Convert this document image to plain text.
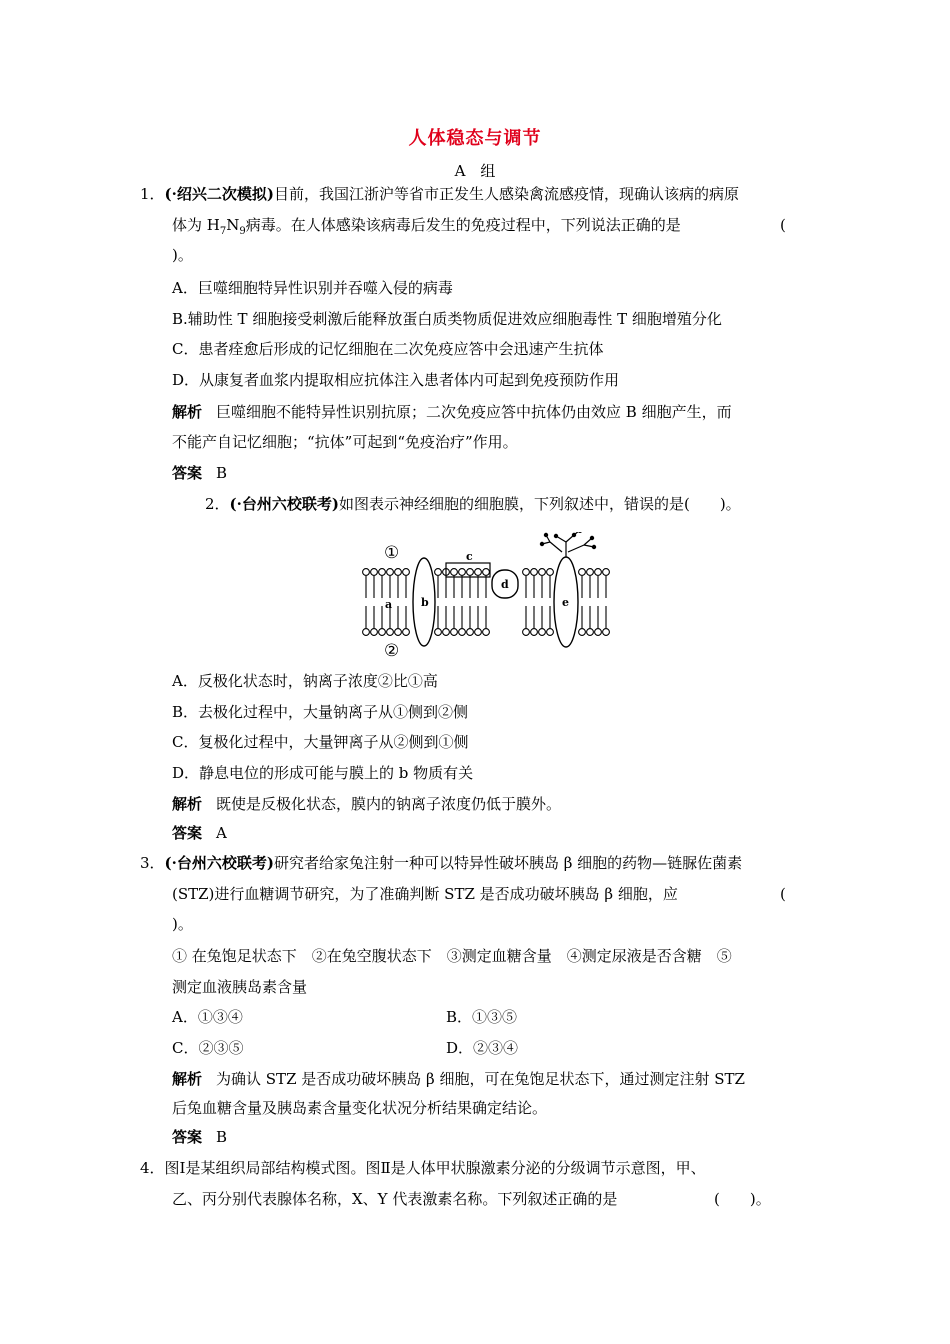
人体稳态与调节
A　组
1．(·绍兴二次模拟)目前，我国江浙沪等省市正发生人感染禽流感疫情，现确认该病的病原
体为 $H_7N_9$病毒。在人体感染该病毒后发生的免疫过程中，下列说法正确的是	(
)。
A．巨噬细胞特异性识别并吞噬入侵的病毒
B.辅助性 T 细胞接受刺激后能释放蛋白质类物质促进效应细胞毒性 T 细胞增殖分化
C．患者痊愈后形成的记忆细胞在二次免疫应答中会迅速产生抗体
D．从康复者血浆内提取相应抗体注入患者体内可起到免疫预防作用
解析 巨噬细胞不能特异性识别抗原；二次免疫应答中抗体仍由效应 B 细胞产生，而
不能产自记忆细胞；“抗体”可起到“免疫治疗”作用。
答案 B
2．(·台州六校联考)如图表示神经细胞的细胞膜，下列叙述中，错误的是(　　)。
①
②
a	b
c
d
e
A．反极化状态时，钠离子浓度②比①高
B．去极化过程中，大量钠离子从①侧到②侧
C．复极化过程中，大量钾离子从②侧到①侧
D．静息电位的形成可能与膜上的 b 物质有关
解析 既使是反极化状态，膜内的钠离子浓度仍低于膜外。
答案 A
3．(·台州六校联考)研究者给家兔注射一种可以特异性破坏胰岛 β 细胞的药物—链脲佐菌素
(STZ)进行血糖调节研究，为了准确判断 STZ 是否成功破坏胰岛 β 细胞，应	(
)。
① 在兔饱足状态下　②在兔空腹状态下　③测定血糖含量　④测定尿液是否含糖　⑤
测定血液胰岛素含量
A．①③④	B．①③⑤
C．②③⑤	D．②③④
解析 为确认 STZ 是否成功破坏胰岛 β 细胞，可在兔饱足状态下，通过测定注射 STZ
后兔血糖含量及胰岛素含量变化状况分析结果确定结论。
答案 B
4．图Ⅰ是某组织局部结构模式图。图Ⅱ是人体甲状腺激素分泌的分级调节示意图，甲、
乙、丙分别代表腺体名称，X、Y 代表激素名称。下列叙述正确的是	(　　)。
